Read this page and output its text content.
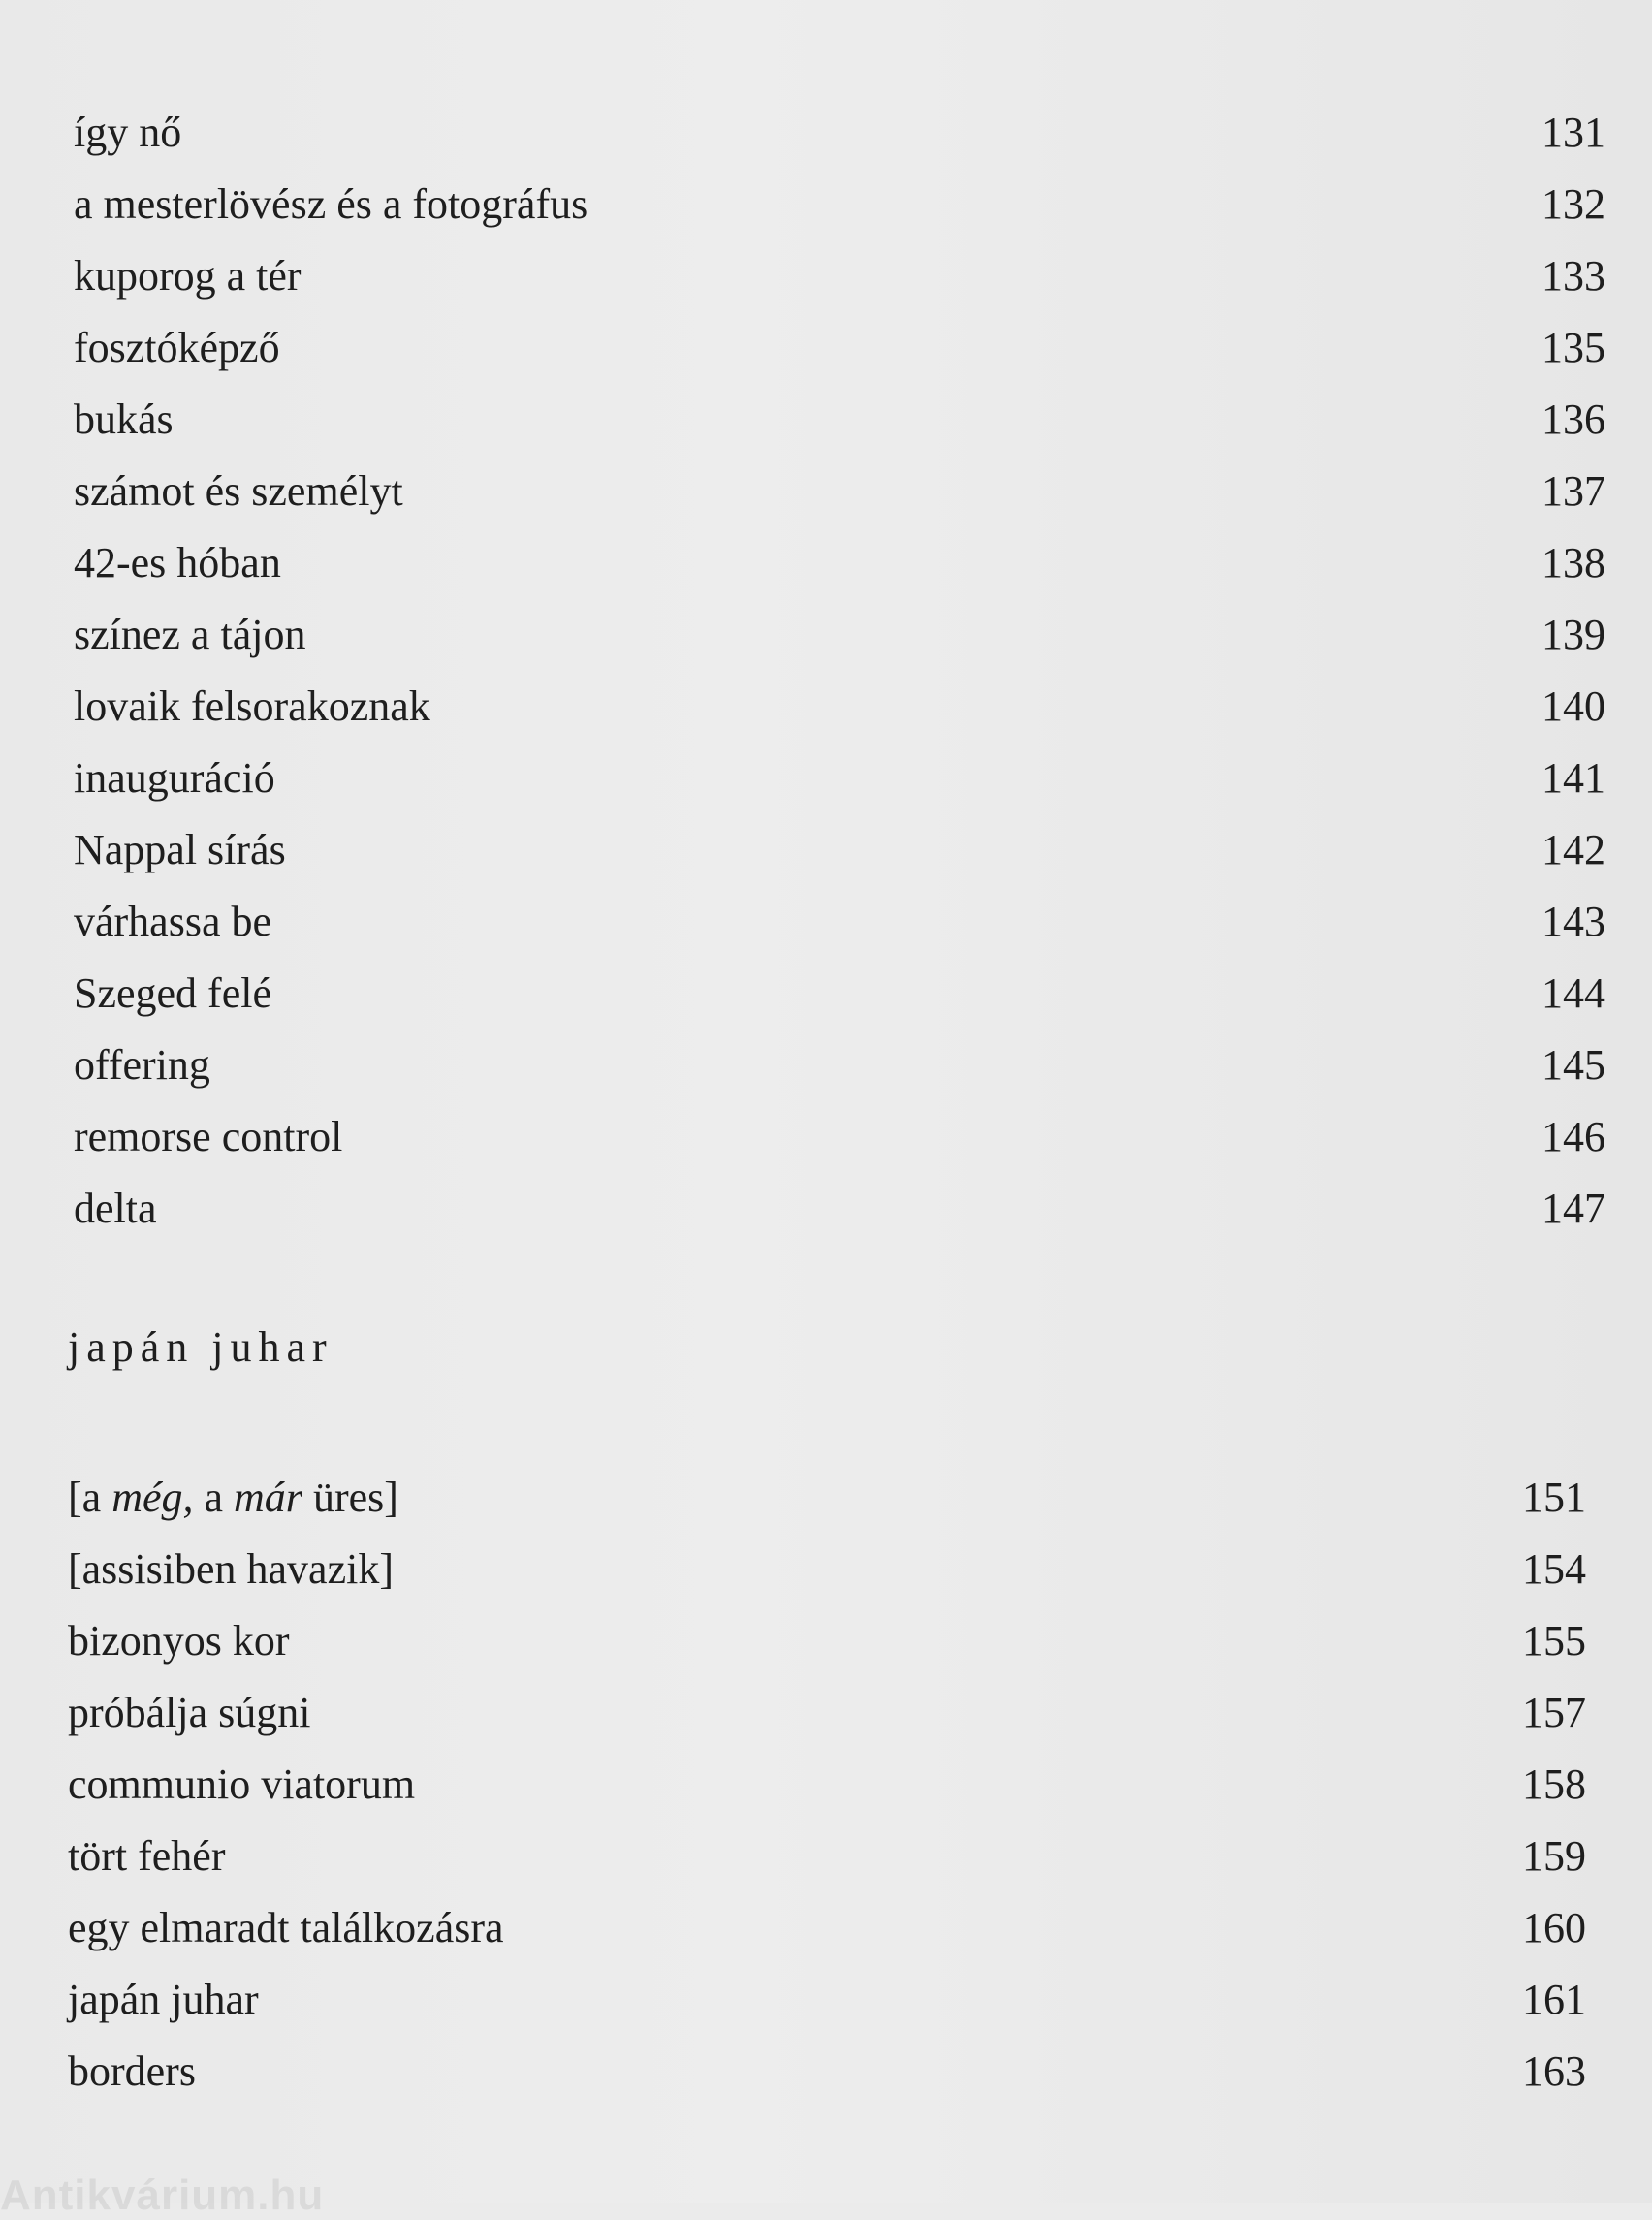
így nő	131
a mesterlövész és a fotográfus	132
kuporog a tér	133
fosztóképző	135
bukás	136
számot és személyt	137
42-es hóban	138
színez a tájon	139
lovaik felsorakoznak	140
inauguráció	141
Nappal sírás	142
várhassa be	143
Szeged felé	144
offering	145
remorse control	146
delta	147
japán juhar
[a még, a már üres]	151
[assisiben havazik]	154
bizonyos kor	155
próbálja súgni	157
communio viatorum	158
tört fehér	159
egy elmaradt találkozásra	160
japán juhar	161
borders	163
Antikvárium.hu
